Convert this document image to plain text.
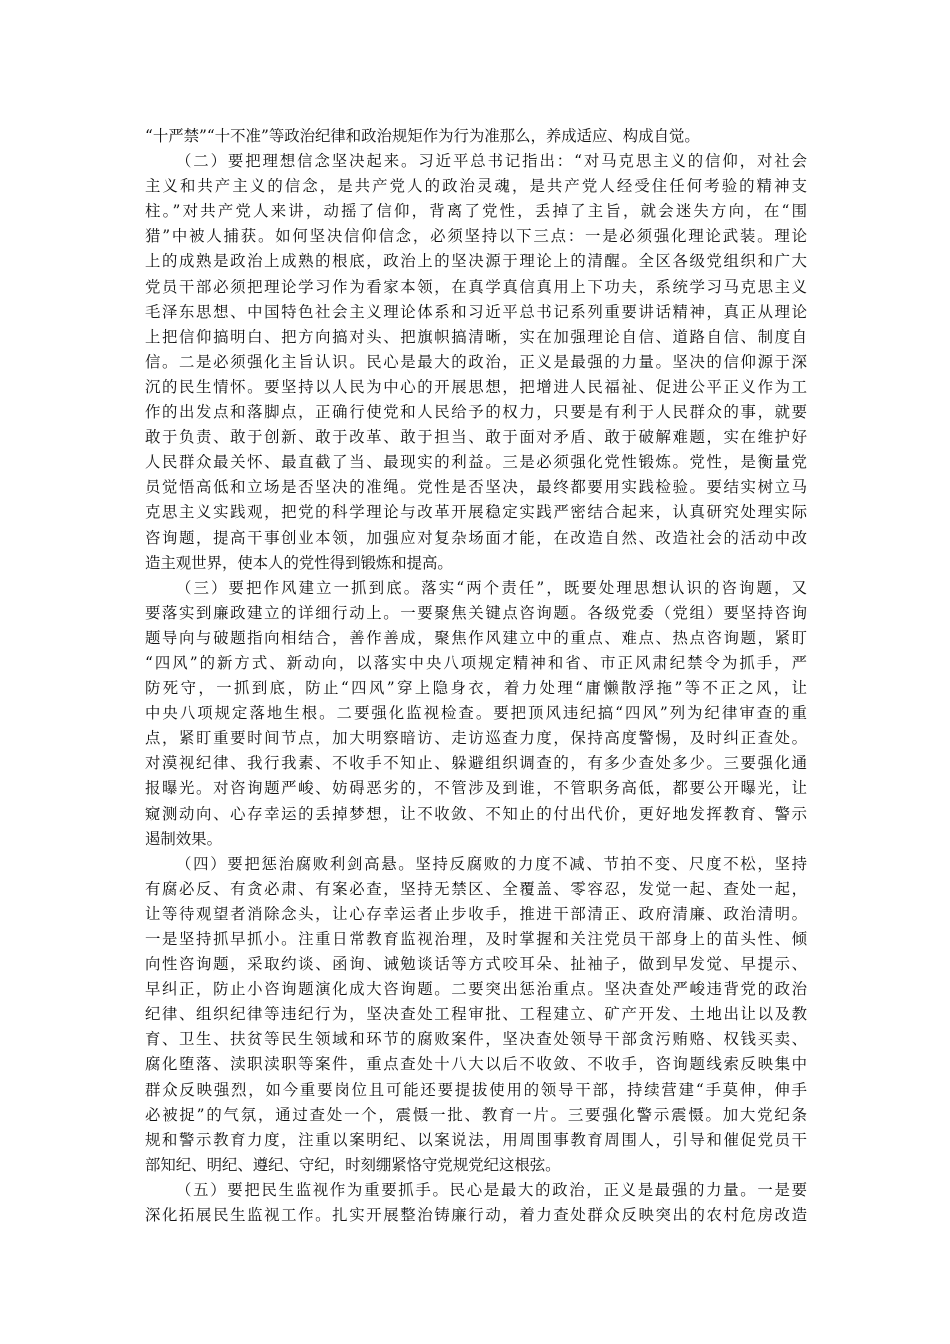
“十严禁”“十不准”等政治纪律和政治规矩作为行为准那么，养成适应、构成自觉。
（二）要把理想信念坚决起来。习近平总书记指出：“对马克思主义的信仰，对社会
主义和共产主义的信念，是共产党人的政治灵魂，是共产党人经受住任何考验的精神支
柱。”对共产党人来讲，动摇了信仰，背离了党性，丢掉了主旨，就会迷失方向，在“围
猎”中被人捕获。如何坚决信仰信念，必须坚持以下三点：一是必须强化理论武装。理论
上的成熟是政治上成熟的根底，政治上的坚决源于理论上的清醒。全区各级党组织和广大
党员干部必须把理论学习作为看家本领，在真学真信真用上下功夫，系统学习马克思主义
毛泽东思想、中国特色社会主义理论体系和习近平总书记系列重要讲话精神，真正从理论
上把信仰搞明白、把方向搞对头、把旗帜搞清晰，实在加强理论自信、道路自信、制度自
信。二是必须强化主旨认识。民心是最大的政治，正义是最强的力量。坚决的信仰源于深
沉的民生情怀。要坚持以人民为中心的开展思想，把增进人民福祉、促进公平正义作为工
作的出发点和落脚点，正确行使党和人民给予的权力，只要是有利于人民群众的事，就要
敢于负责、敢于创新、敢于改革、敢于担当、敢于面对矛盾、敢于破解难题，实在维护好
人民群众最关怀、最直截了当、最现实的利益。三是必须强化党性锻炼。党性，是衡量党
员觉悟高低和立场是否坚决的准绳。党性是否坚决，最终都要用实践检验。要结实树立马
克思主义实践观，把党的科学理论与改革开展稳定实践严密结合起来，认真研究处理实际
咨询题，提高干事创业本领，加强应对复杂场面才能，在改造自然、改造社会的活动中改
造主观世界，使本人的党性得到锻炼和提高。
（三）要把作风建立一抓到底。落实“两个责任”，既要处理思想认识的咨询题，又
要落实到廉政建立的详细行动上。一要聚焦关键点咨询题。各级党委（党组）要坚持咨询
题导向与破题指向相结合，善作善成，聚焦作风建立中的重点、难点、热点咨询题，紧盯
“四风”的新方式、新动向，以落实中央八项规定精神和省、市正风肃纪禁令为抓手，严
防死守，一抓到底，防止“四风”穿上隐身衣，着力处理“庸懒散浮拖”等不正之风，让
中央八项规定落地生根。二要强化监视检查。要把顶风违纪搞“四风”列为纪律审查的重
点，紧盯重要时间节点，加大明察暗访、走访巡查力度，保持高度警惕，及时纠正查处。
对漠视纪律、我行我素、不收手不知止、躲避组织调查的，有多少查处多少。三要强化通
报曝光。对咨询题严峻、妨碍恶劣的，不管涉及到谁，不管职务高低，都要公开曝光，让
窥测动向、心存幸运的丢掉梦想，让不收敛、不知止的付出代价，更好地发挥教育、警示
遏制效果。
（四）要把惩治腐败利剑高悬。坚持反腐败的力度不减、节拍不变、尺度不松，坚持
有腐必反、有贪必肃、有案必查，坚持无禁区、全覆盖、零容忍，发觉一起、查处一起，
让等待观望者消除念头，让心存幸运者止步收手，推进干部清正、政府清廉、政治清明。
一是坚持抓早抓小。注重日常教育监视治理，及时掌握和关注党员干部身上的苗头性、倾
向性咨询题，采取约谈、函询、诫勉谈话等方式咬耳朵、扯袖子，做到早发觉、早提示、
早纠正，防止小咨询题演化成大咨询题。二要突出惩治重点。坚决查处严峻违背党的政治
纪律、组织纪律等违纪行为，坚决查处工程审批、工程建立、矿产开发、土地出让以及教
育、卫生、扶贫等民生领域和环节的腐败案件，坚决查处领导干部贪污贿赂、权钱买卖、
腐化堕落、渎职渎职等案件，重点查处十八大以后不收敛、不收手，咨询题线索反映集中
群众反映强烈，如今重要岗位且可能还要提拔使用的领导干部，持续营建“手莫伸，伸手
必被捉”的气氛，通过查处一个，震慑一批、教育一片。三要强化警示震慑。加大党纪条
规和警示教育力度，注重以案明纪、以案说法，用周围事教育周围人，引导和催促党员干
部知纪、明纪、遵纪、守纪，时刻绷紧恪守党规党纪这根弦。
（五）要把民生监视作为重要抓手。民心是最大的政治，正义是最强的力量。一是要
深化拓展民生监视工作。扎实开展整治铸廉行动，着力查处群众反映突出的农村危房改造
